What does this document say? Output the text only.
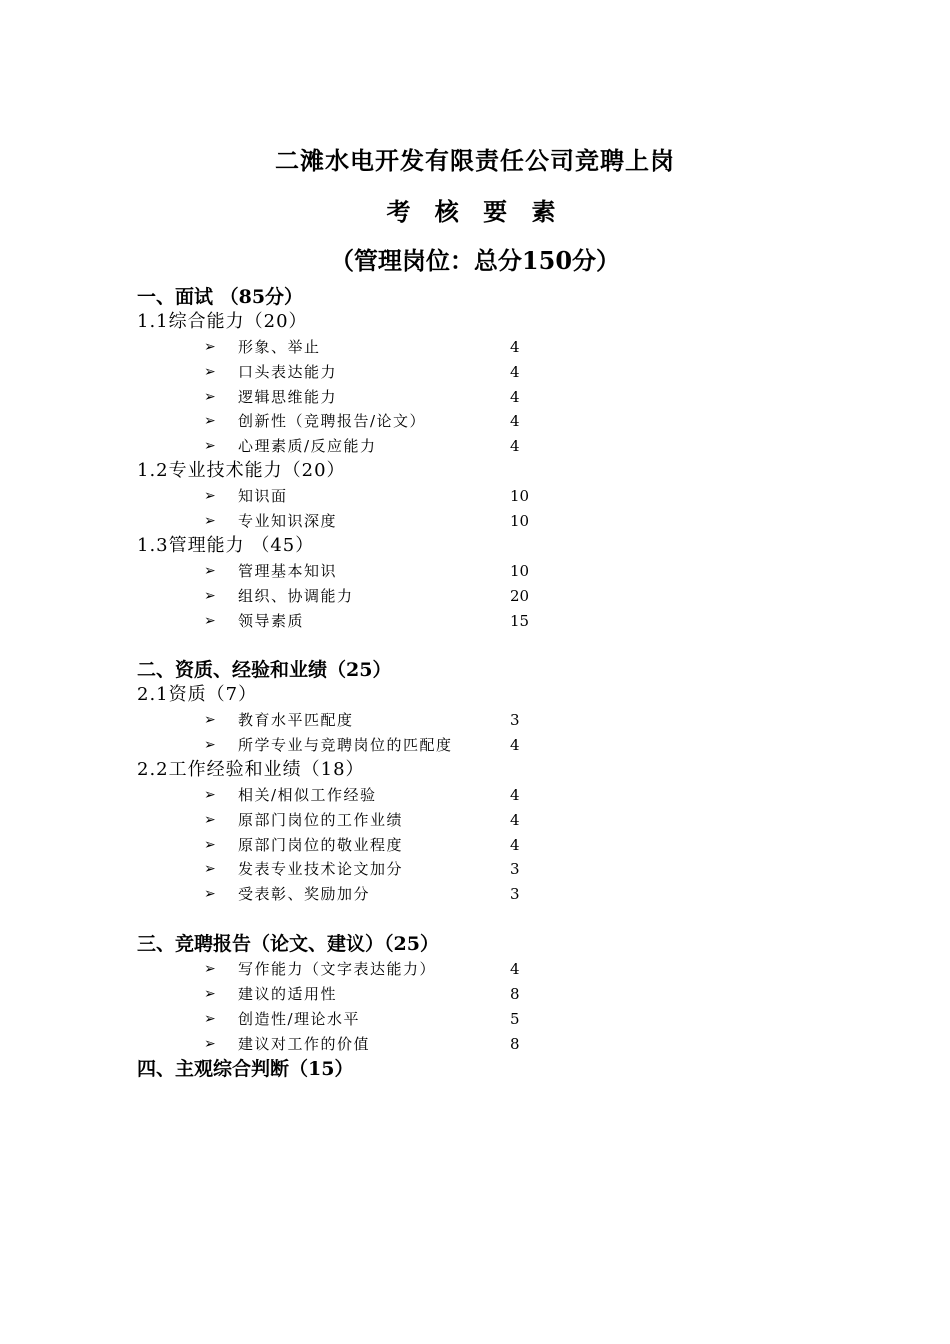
二滩水电开发有限责任公司竞聘上岗
考 核 要 素
（管理岗位：总分150分）
一、面试 （85分）
1.1综合能力（20）
➢ 形象、举止	4
➢ 口头表达能力	4
➢ 逻辑思维能力	4
➢ 创新性（竞聘报告/论文）	4
➢ 心理素质/反应能力	4
1.2专业技术能力（20）
➢ 知识面	10
➢ 专业知识深度	10
1.3管理能力 （45）
➢ 管理基本知识	10
➢ 组织、协调能力	20
➢ 领导素质	15
二、资质、经验和业绩（25）
2.1资质（7）
➢ 教育水平匹配度	3
➢ 所学专业与竞聘岗位的匹配度	4
2.2工作经验和业绩（18）
➢ 相关/相似工作经验	4
➢ 原部门岗位的工作业绩	4
➢ 原部门岗位的敬业程度	4
➢ 发表专业技术论文加分	3
➢ 受表彰、奖励加分	3
三、竞聘报告（论文、建议）（25）
➢ 写作能力（文字表达能力）	4
➢ 建议的适用性	8
➢ 创造性/理论水平	5
➢ 建议对工作的价值	8
四、主观综合判断（15）
